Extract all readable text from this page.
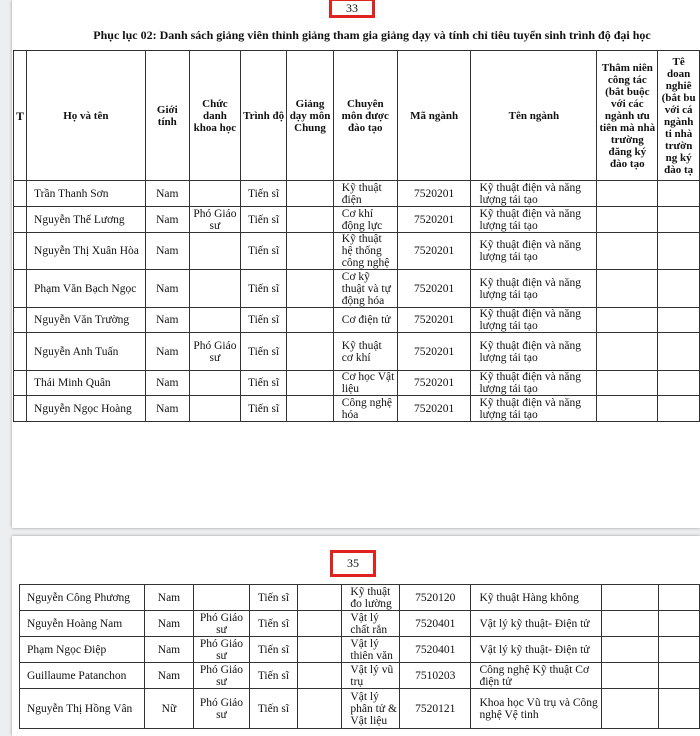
33
Phục lục 02: Danh sách giảng viên thỉnh giảng tham gia giảng dạy và tính chỉ tiêu tuyển sinh trình độ đại học
T	Họ và tên	Giới tính	Chức danh khoa học	Trình độ	Giảng dạy môn Chung	Chuyên môn được đào tạo	Mã ngành	Tên ngành	Thâm niên công tác (bắt buộc với các ngành ưu tiên mà nhà trường đăng ký đào tạo	Tê doan nghiê (bắt bu với cá ngành ti nhà trườn ng ký đào tạ
	Trần Thanh Sơn	Nam		Tiến sĩ		Kỹ thuật điện	7520201	Kỹ thuật điện và năng lượng tái tạo		
	Nguyễn Thế Lương	Nam	Phó Giáo sư	Tiến sĩ		Cơ khí động lực	7520201	Kỹ thuật điện và năng lượng tái tạo		
	Nguyễn Thị Xuân Hòa	Nam		Tiến sĩ		Kỹ thuật hệ thống công nghệ	7520201	Kỹ thuật điện và năng lượng tái tạo		
	Phạm Văn Bạch Ngọc	Nam		Tiến sĩ		Cơ kỹ thuật và tự động hóa	7520201	Kỹ thuật điện và năng lượng tái tạo		
	Nguyễn Văn Trường	Nam		Tiến sĩ		Cơ điện tử	7520201	Kỹ thuật điện và năng lượng tái tạo		
	Nguyễn Anh Tuấn	Nam	Phó Giáo sư	Tiến sĩ		Kỹ thuật cơ khí	7520201	Kỹ thuật điện và năng lượng tái tạo		
	Thái Minh Quân	Nam		Tiến sĩ		Cơ học Vật liệu	7520201	Kỹ thuật điện và năng lượng tái tạo		
	Nguyễn Ngọc Hoàng	Nam		Tiến sĩ		Công nghệ hóa	7520201	Kỹ thuật điện và năng lượng tái tạo		
35
Nguyễn Công Phương	Nam		Tiến sĩ		Kỹ thuật đo lường	7520120	Kỹ thuật Hàng không		
Nguyễn Hoàng Nam	Nam	Phó Giáo sư	Tiến sĩ		Vật lý chất rắn	7520401	Vật lý kỹ thuật- Điện tử		
Phạm Ngọc Điệp	Nam	Phó Giáo sư	Tiến sĩ		Vật lý thiên văn	7520401	Vật lý kỹ thuật- Điện tử		
Guillaume Patanchon	Nam	Phó Giáo sư	Tiến sĩ		Vật lý vũ trụ	7510203	Công nghệ Kỹ thuật Cơ điện tử		
Nguyễn Thị Hồng Vân	Nữ	Phó Giáo sư	Tiến sĩ		Vật lý phân tử & Vật liệu	7520121	Khoa học Vũ trụ và Công nghệ Vệ tinh		
